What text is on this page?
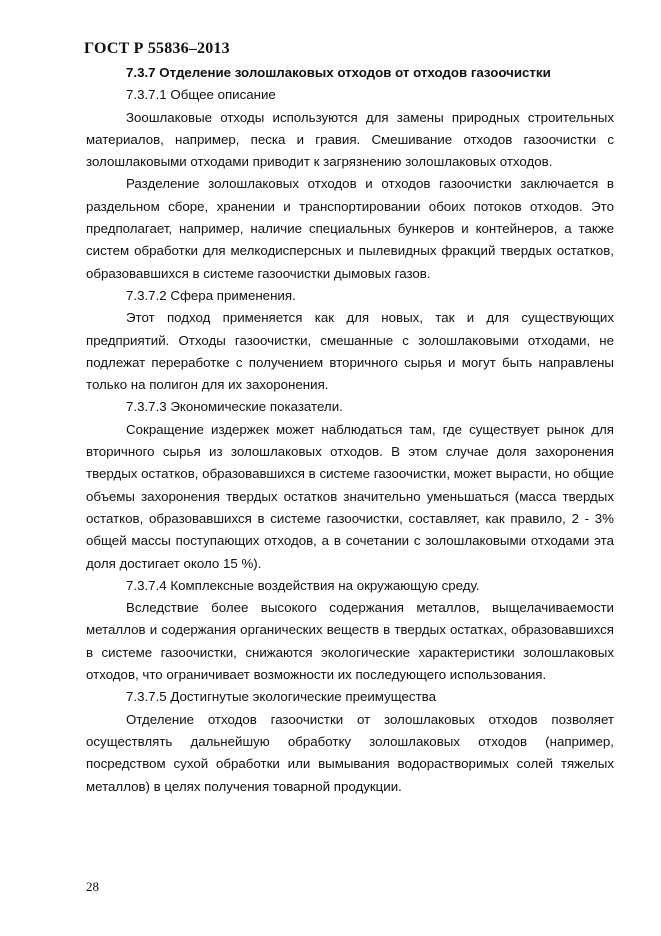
ГОСТ Р 55836–2013

7.3.7 Отделение золошлаковых отходов от отходов газоочистки

7.3.7.1 Общее описание

Зоошлаковые отходы используются для замены природных строительных материалов, например, песка и гравия. Смешивание отходов газоочистки с золошлаковыми отходами приводит к загрязнению золошлаковых отходов.

Разделение золошлаковых отходов и отходов газоочистки заключается в раздельном сборе, хранении и транспортировании обоих потоков отходов. Это предполагает, например, наличие специальных бункеров и контейнеров, а также систем обработки для мелкодисперсных и пылевидных фракций твердых остатков, образовавшихся в системе газоочистки дымовых газов.

7.3.7.2 Сфера применения.

Этот подход применяется как для новых, так и для существующих предприятий. Отходы газоочистки, смешанные с золошлаковыми отходами, не подлежат переработке с получением вторичного сырья и могут быть направлены только на полигон для их захоронения.

7.3.7.3 Экономические показатели.

Сокращение издержек может наблюдаться там, где существует рынок для вторичного сырья из золошлаковых отходов. В этом случае доля захоронения твердых остатков, образовавшихся в системе газоочистки, может вырасти, но общие объемы захоронения твердых остатков значительно уменьшаться (масса твердых остатков, образовавшихся в системе газоочистки, составляет, как правило, 2 - 3% общей массы поступающих отходов, а в сочетании с золошлаковыми отходами эта доля достигает около 15 %).

7.3.7.4 Комплексные воздействия на окружающую среду.

Вследствие более высокого содержания металлов, выщелачиваемости металлов и содержания органических веществ в твердых остатках, образовавшихся в системе газоочистки, снижаются экологические характеристики золошлаковых отходов, что ограничивает возможности их последующего использования.

7.3.7.5 Достигнутые экологические преимущества

Отделение отходов газоочистки от золошлаковых отходов позволяет осуществлять дальнейшую обработку золошлаковых отходов (например, посредством сухой обработки или вымывания водорастворимых солей тяжелых металлов) в целях получения товарной продукции.

28
